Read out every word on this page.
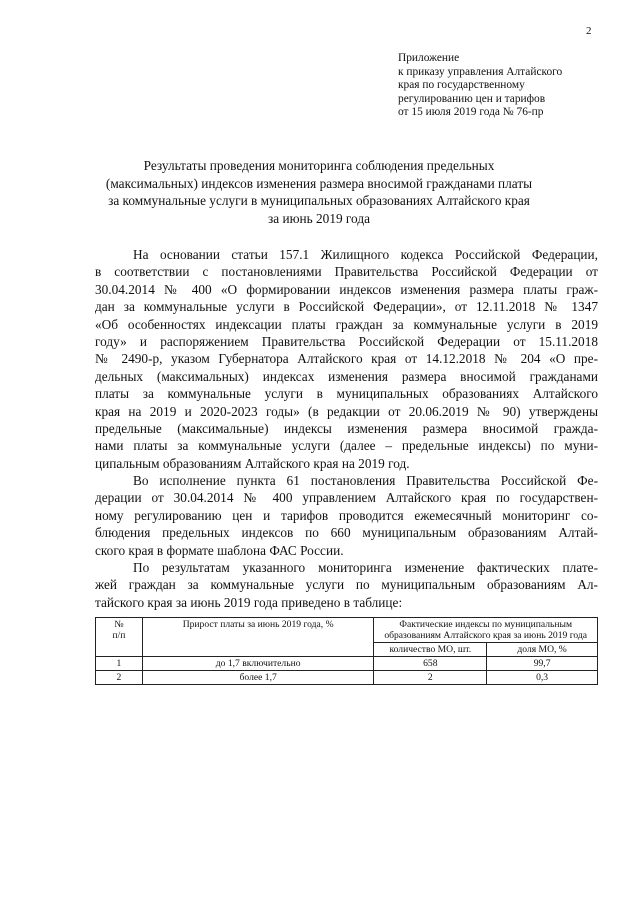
2
Приложение
к приказу управления Алтайского
края по государственному
регулированию цен и тарифов
от 15 июля 2019 года № 76-пр
Результаты проведения мониторинга соблюдения предельных
(максимальных) индексов изменения размера вносимой гражданами платы
за коммунальные услуги в муниципальных образованиях Алтайского края
за июнь 2019 года
На основании статьи 157.1 Жилищного кодекса Российской Федерации,
в соответствии с постановлениями Правительства Российской Федерации от
30.04.2014 № 400 «О формировании индексов изменения размера платы граж-
дан за коммунальные услуги в Российской Федерации», от 12.11.2018 № 1347
«Об особенностях индексации платы граждан за коммунальные услуги в 2019
году» и распоряжением Правительства Российской Федерации от 15.11.2018
№ 2490-р, указом Губернатора Алтайского края от 14.12.2018 № 204 «О пре-
дельных (максимальных) индексах изменения размера вносимой гражданами
платы за коммунальные услуги в муниципальных образованиях Алтайского
края на 2019 и 2020-2023 годы» (в редакции от 20.06.2019 № 90) утверждены
предельные (максимальные) индексы изменения размера вносимой гражда-
нами платы за коммунальные услуги (далее – предельные индексы) по муни-
ципальным образованиям Алтайского края на 2019 год.
Во исполнение пункта 61 постановления Правительства Российской Фе-
дерации от 30.04.2014 № 400 управлением Алтайского края по государствен-
ному регулированию цен и тарифов проводится ежемесячный мониторинг со-
блюдения предельных индексов по 660 муниципальным образованиям Алтай-
ского края в формате шаблона ФАС России.
По результатам указанного мониторинга изменение фактических плате-
жей граждан за коммунальные услуги по муниципальным образованиям Ал-
тайского края за июнь 2019 года приведено в таблице:
№
п/п	Прирост платы за июнь 2019 года, %	Фактические индексы по муниципальным образованиям Алтайского края за июнь 2019 года	
		количество МО, шт.	доля МО, %
1	до 1,7 включительно	658	99,7
2	более 1,7	2	0,3
